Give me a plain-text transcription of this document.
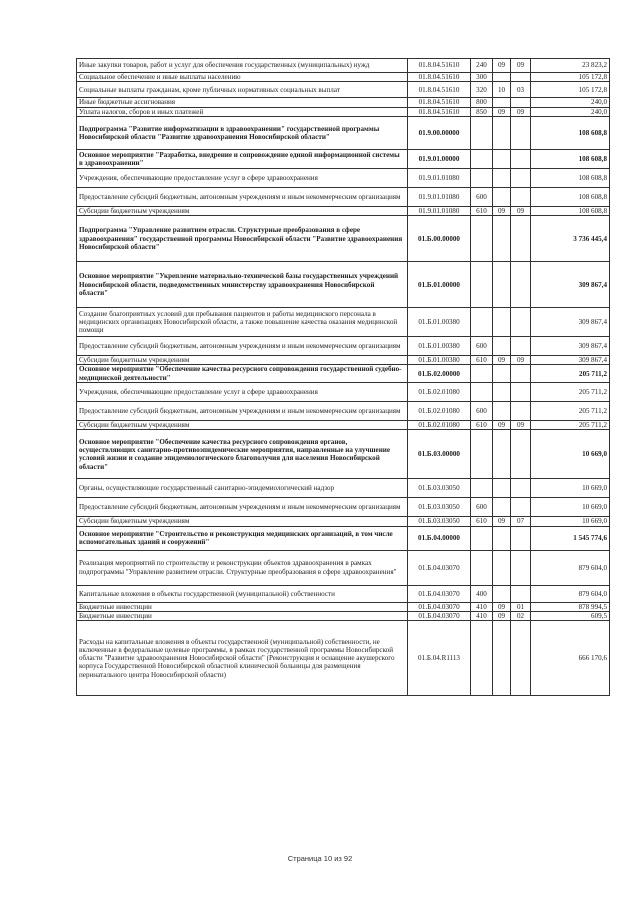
Иные закупки товаров, работ и услуг для обеспечения государственных (муниципальных) нужд	01.8.04.51610	240	09	09	23 823,2
Социальное обеспечение и иные выплаты населению	01.8.04.51610	300			105 172,8
Социальные выплаты гражданам, кроме публичных нормативных социальных выплат	01.8.04.51610	320	10	03	105 172,8
Иные бюджетные ассигнования	01.8.04.51610	800			240,0
Уплата налогов, сборов и иных платежей	01.8.04.51610	850	09	09	240,0
Подпрограмма "Развитие информатизации в здравоохранении" государственной программы Новосибирской области "Развитие здравоохранения Новосибирской области"	01.9.00.00000				108 608,8
Основное мероприятие "Разработка, внедрение и сопровождение единой информационной системы в здравоохранении"	01.9.01.00000				108 608,8
Учреждения, обеспечивающие предоставление услуг в сфере здравоохранения	01.9.01.01080				108 608,8
Предоставление субсидий бюджетным, автономным учреждениям и иным некоммерческим организациям	01.9.01.01080	600			108 608,8
Субсидии бюджетным учреждениям	01.9.01.01080	610	09	09	108 608,8
Подпрограмма "Управление развитием отрасли. Структурные преобразования в сфере здравоохранения" государственной программы Новосибирской области "Развитие здравоохранения Новосибирской области"	01.Б.00.00000				3 736 445,4
Основное мероприятие "Укрепление материально-технической базы государственных учреждений Новосибирской области, подведомственных министерству здравоохранения Новосибирской области"	01.Б.01.00000				309 867,4
Создание благоприятных условий для пребывания пациентов и работы медицинского персонала в медицинских организациях Новосибирской области, а также повышение качества оказания медицинской помощи	01.Б.01.00380				309 867,4
Предоставление субсидий бюджетным, автономным учреждениям и иным некоммерческим организациям	01.Б.01.00380	600			309 867,4
Субсидии бюджетным учреждениям	01.Б.01.00380	610	09	09	309 867,4
Основное мероприятие "Обеспечение качества ресурсного сопровождения государственной судебно-медицинской деятельности"	01.Б.02.00000				205 711,2
Учреждения, обеспечивающие предоставление услуг в сфере здравоохранения	01.Б.02.01080				205 711,2
Предоставление субсидий бюджетным, автономным учреждениям и иным некоммерческим организациям	01.Б.02.01080	600			205 711,2
Субсидии бюджетным учреждениям	01.Б.02.01080	610	09	09	205 711,2
Основное мероприятие "Обеспечение качества ресурсного сопровождения органов, осуществляющих санитарно-противоэпидемические мероприятия, направленные на улучшение условий жизни и создание эпидемиологического благополучия для населения Новосибирской области"	01.Б.03.00000				10 669,0
Органы, осуществляющие государственный санитарно-эпидемиологический надзор	01.Б.03.03050				10 669,0
Предоставление субсидий бюджетным, автономным учреждениям и иным некоммерческим организациям	01.Б.03.03050	600			10 669,0
Субсидии бюджетным учреждениям	01.Б.03.03050	610	09	07	10 669,0
Основное мероприятие "Строительство и реконструкция медицинских организаций, в том числе вспомогательных зданий и сооружений"	01.Б.04.00000				1 545 774,6
Реализация мероприятий по строительству и реконструкции объектов здравоохранения в рамках подпрограммы "Управление развитием отрасли. Структурные преобразования в сфере здравоохранения"	01.Б.04.03070				879 604,0
Капитальные вложения в объекты государственной (муниципальной) собственности	01.Б.04.03070	400			879 604,0
Бюджетные инвестиции	01.Б.04.03070	410	09	01	878 994,5
Бюджетные инвестиции	01.Б.04.03070	410	09	02	609,5
Расходы на капитальные вложения в объекты государственной (муниципальной) собственности, не включенные в федеральные целевые программы, в рамках государственной программы Новосибирской области "Развитие здравоохранения Новосибирской области" (Реконструкция и оснащение акушерского корпуса Государственной Новосибирской областной клинической больницы для размещения перинатального центра Новосибирской области)	01.Б.04.R1113				666 170,6
Страница 10 из 92
